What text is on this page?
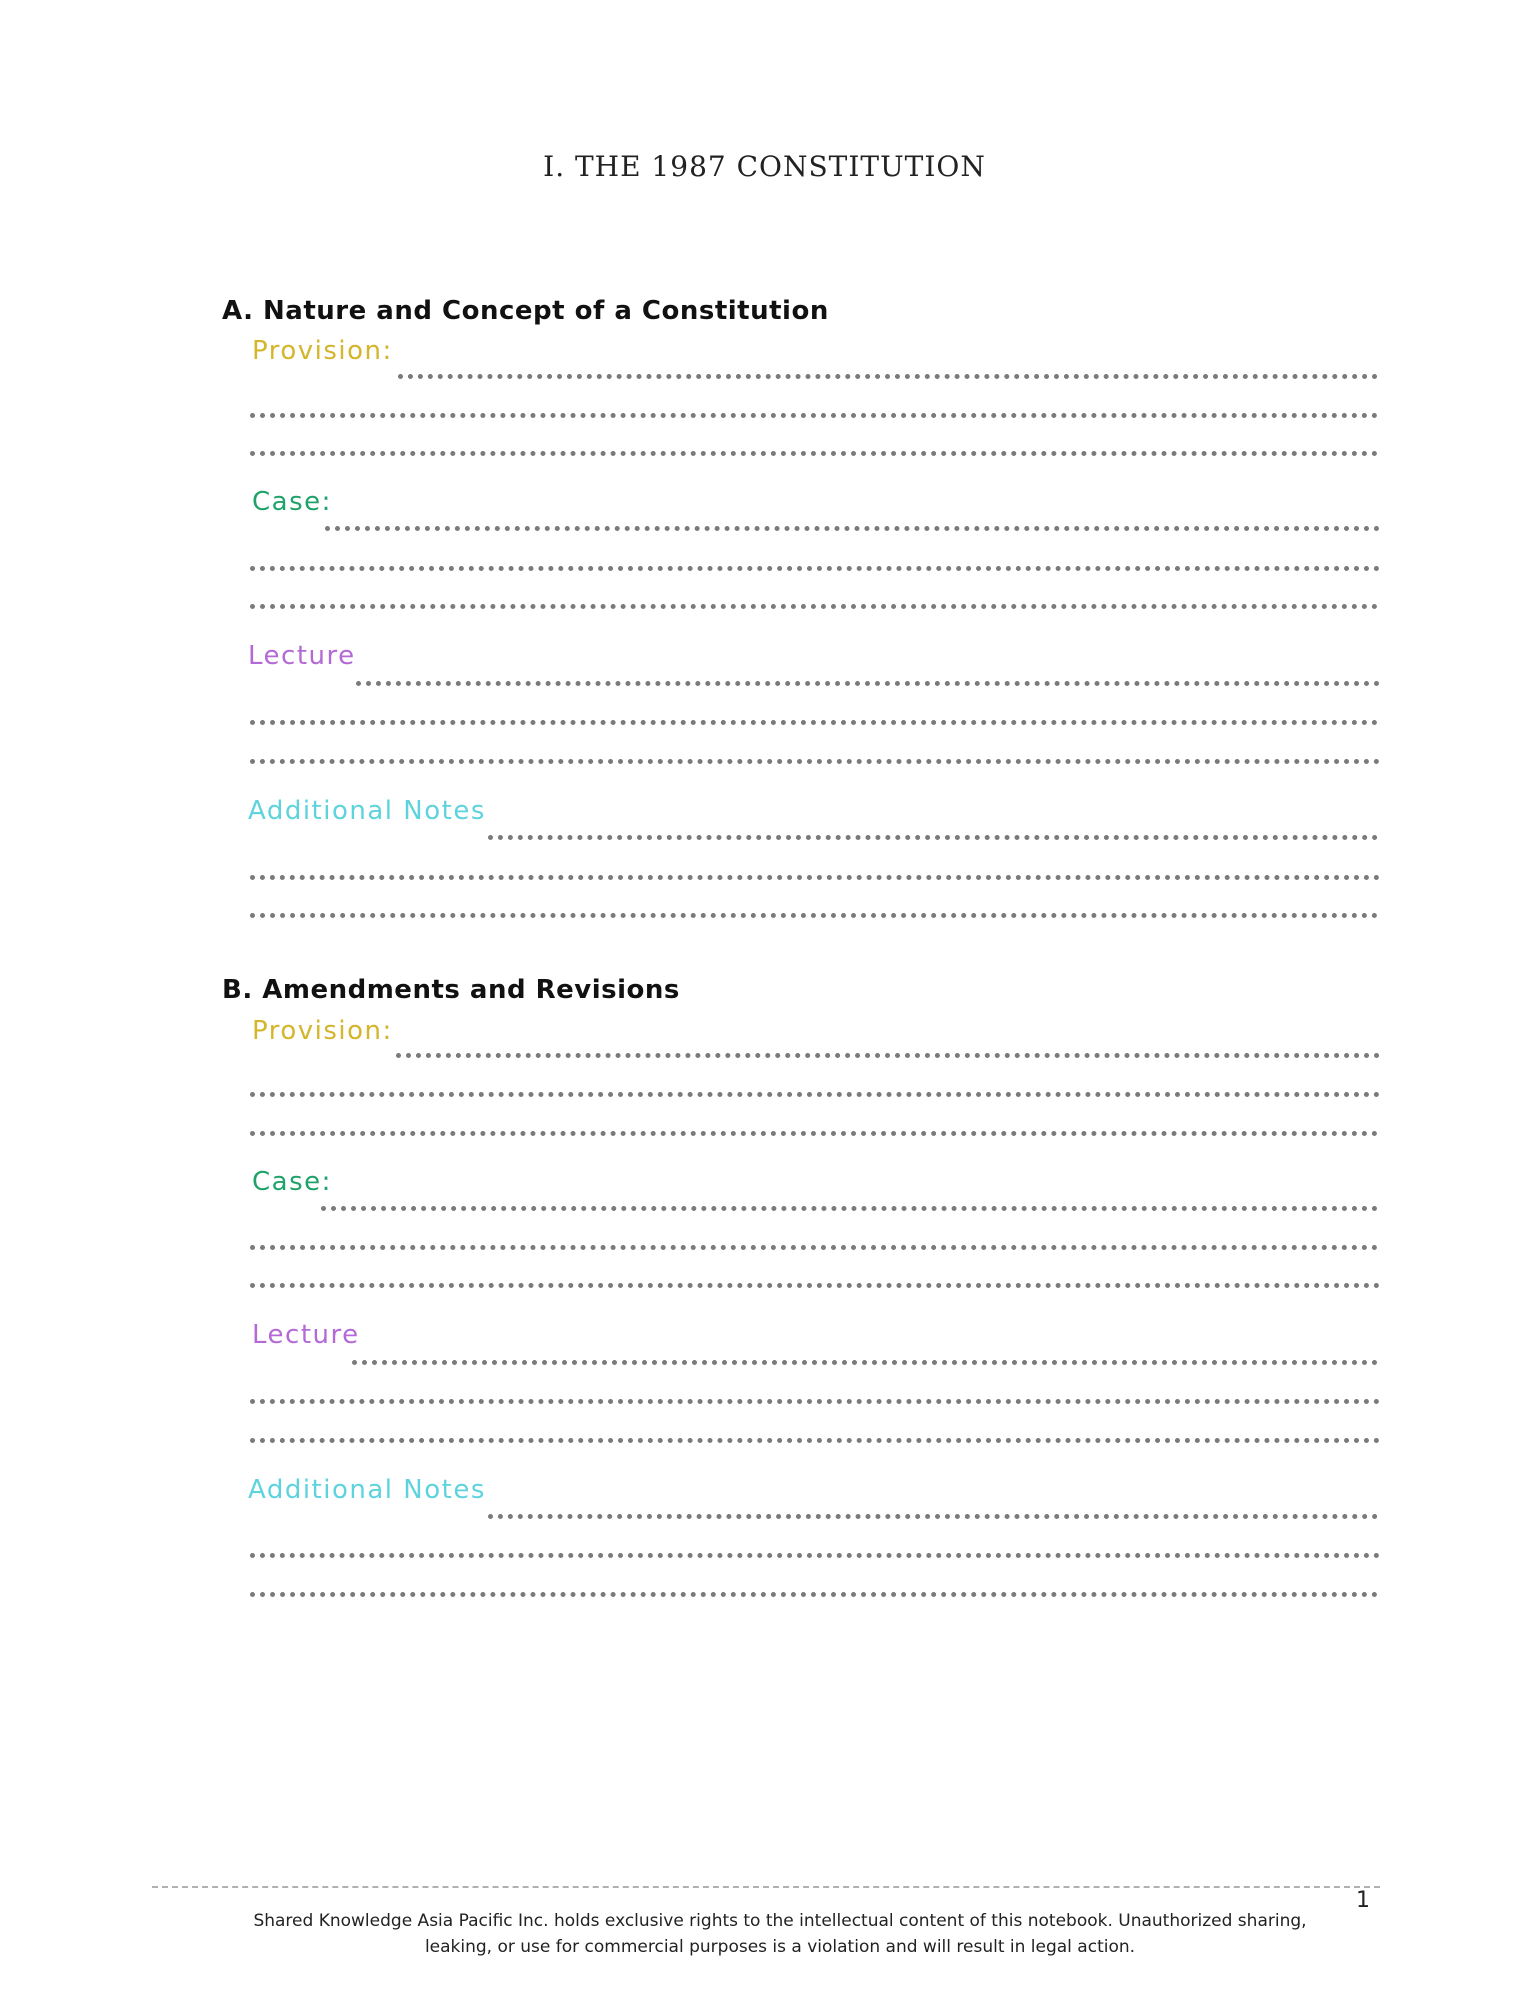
I. THE 1987 CONSTITUTION
A. Nature and Concept of a Constitution
Provision:
Case:
Lecture
Additional Notes
B. Amendments and Revisions
Provision:
Case:
Lecture
Additional Notes
Shared Knowledge Asia Pacific Inc. holds exclusive rights to the intellectual content of this notebook. Unauthorized sharing,
leaking, or use for commercial purposes is a violation and will result in legal action.
1
